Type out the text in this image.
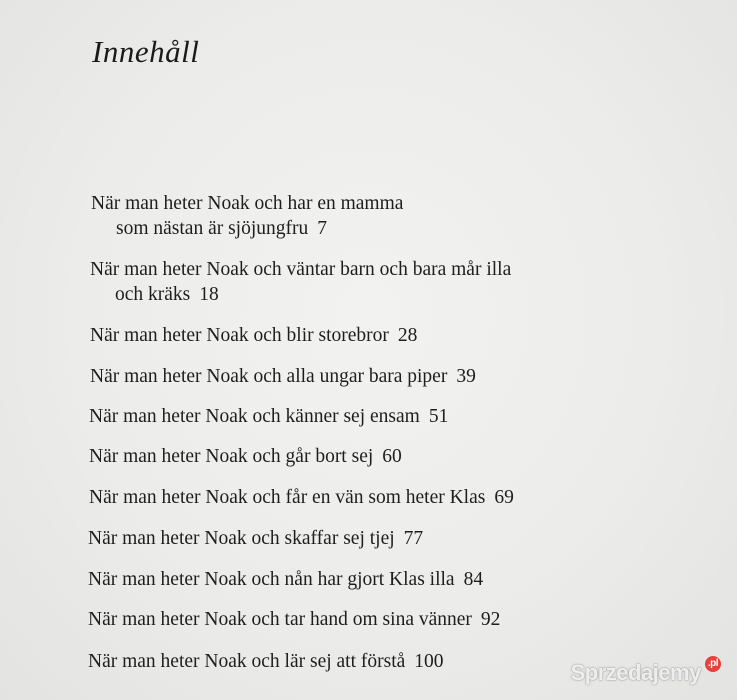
Innehåll
När man heter Noak och har en mamma
som nästan är sjöjungfru 7
När man heter Noak och väntar barn och bara mår illa
och kräks 18
När man heter Noak och blir storebror 28
När man heter Noak och alla ungar bara piper 39
När man heter Noak och känner sej ensam 51
När man heter Noak och går bort sej 60
När man heter Noak och får en vän som heter Klas 69
När man heter Noak och skaffar sej tjej 77
När man heter Noak och nån har gjort Klas illa 84
När man heter Noak och tar hand om sina vänner 92
När man heter Noak och lär sej att förstå 100	Sprzedajemy .pl
